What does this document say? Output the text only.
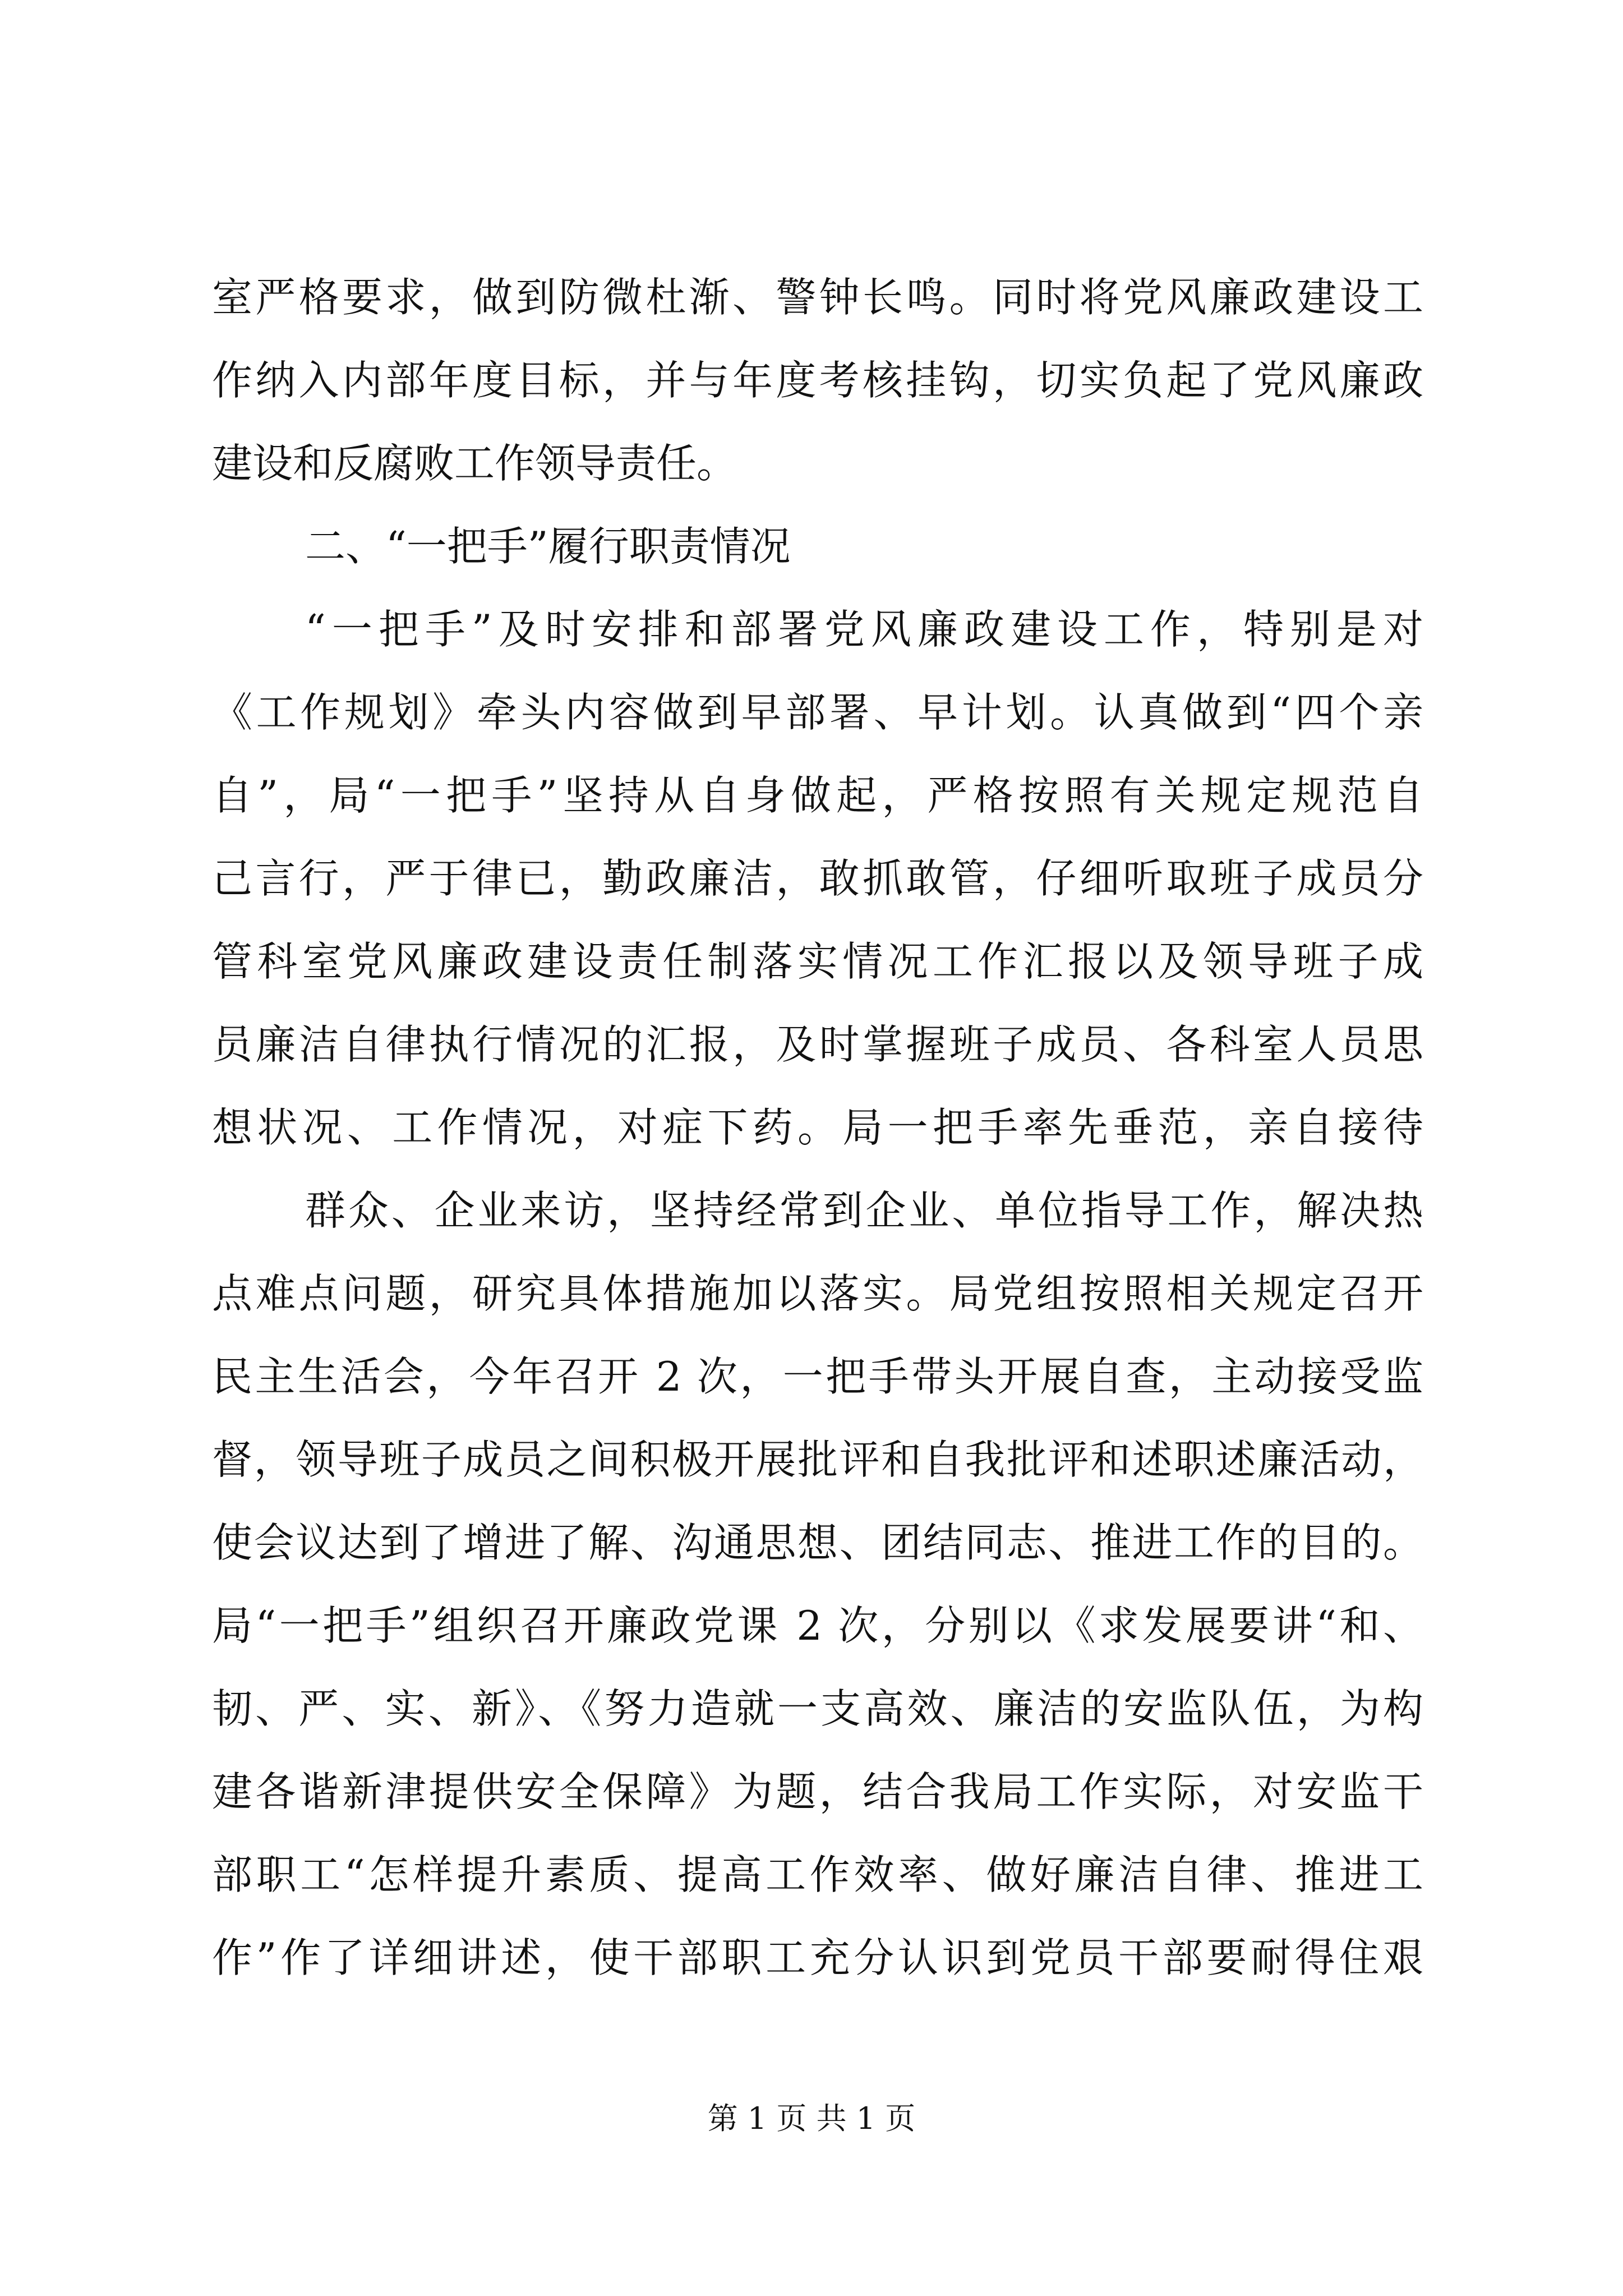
室严格要求，做到防微杜渐、警钟长鸣。同时将党风廉政建设工
作纳入内部年度目标，并与年度考核挂钩，切实负起了党风廉政
建设和反腐败工作领导责任。
二、“一把手”履行职责情况
“一把手”及时安排和部署党风廉政建设工作，特别是对
《工作规划》牵头内容做到早部署、早计划。认真做到“四个亲
自”，局“一把手”坚持从自身做起，严格按照有关规定规范自
己言行，严于律已，勤政廉洁，敢抓敢管，仔细听取班子成员分
管科室党风廉政建设责任制落实情况工作汇报以及领导班子成
员廉洁自律执行情况的汇报，及时掌握班子成员、各科室人员思
想状况、工作情况，对症下药。局一把手率先垂范，亲自接待
群众、企业来访，坚持经常到企业、单位指导工作，解决热
点难点问题，研究具体措施加以落实。局党组按照相关规定召开
民主生活会，今年召开 2 次，一把手带头开展自查，主动接受监
督，领导班子成员之间积极开展批评和自我批评和述职述廉活动，
使会议达到了增进了解、沟通思想、团结同志、推进工作的目的。
局“一把手”组织召开廉政党课 2 次，分别以《求发展要讲“和、
韧、严、实、新》、《努力造就一支高效、廉洁的安监队伍，为构
建各谐新津提供安全保障》为题，结合我局工作实际，对安监干
部职工“怎样提升素质、提高工作效率、做好廉洁自律、推进工
作”作了详细讲述，使干部职工充分认识到党员干部要耐得住艰
第 1 页 共 1 页
